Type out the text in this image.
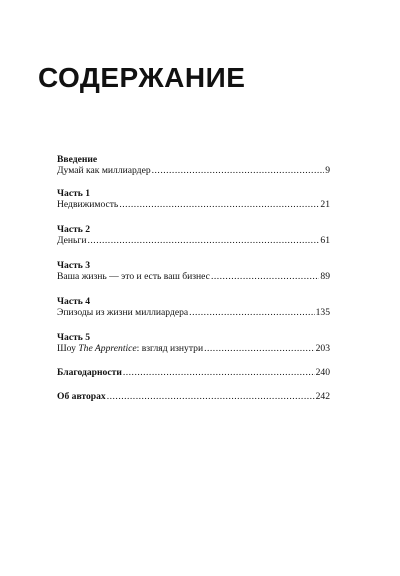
СОДЕРЖАНИЕ
Введение
Думай как миллиардер .....	9
Часть 1
Недвижимость .....	21
Часть 2
Деньги .....	61
Часть 3
Ваша жизнь — это и есть ваш бизнес .....	89
Часть 4
Эпизоды из жизни миллиардера .....	135
Часть 5
Шоу The Apprentice: взгляд изнутри .....	203
Благодарности .....	240
Об авторах .....	242
